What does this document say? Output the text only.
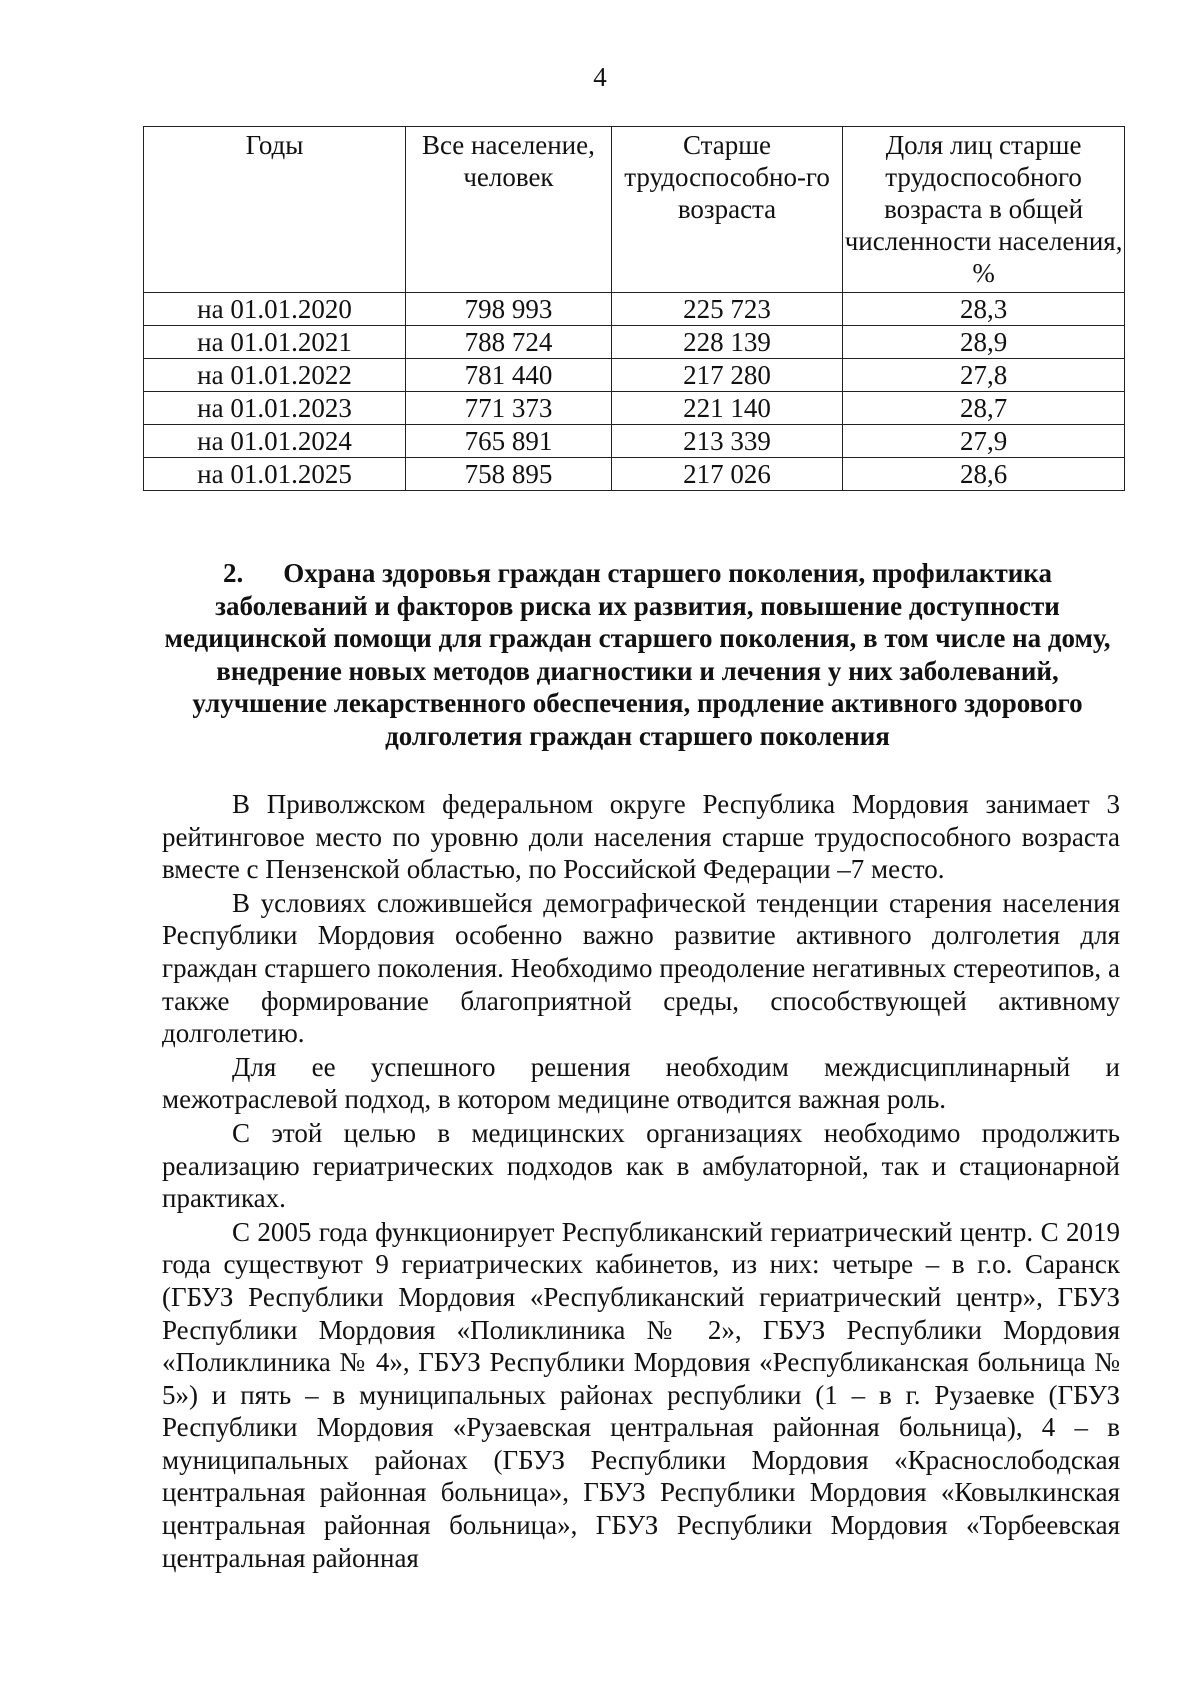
4
Годы	Все население, человек	Старше трудоспособно-го возраста	Доля лиц старше трудоспособного возраста в общей численности населения, %
на 01.01.2020	798 993	225 723	28,3
на 01.01.2021	788 724	228 139	28,9
на 01.01.2022	781 440	217 280	27,8
на 01.01.2023	771 373	221 140	28,7
на 01.01.2024	765 891	213 339	27,9
на 01.01.2025	758 895	217 026	28,6
2. Охрана здоровья граждан старшего поколения, профилактика заболеваний и факторов риска их развития, повышение доступности медицинской помощи для граждан старшего поколения, в том числе на дому, внедрение новых методов диагностики и лечения у них заболеваний, улучшение лекарственного обеспечения, продление активного здорового долголетия граждан старшего поколения

В Приволжском федеральном округе Республика Мордовия занимает 3 рейтинговое место по уровню доли населения старше трудоспособного возраста вместе с Пензенской областью, по Российской Федерации –7 место.

В условиях сложившейся демографической тенденции старения населения Республики Мордовия особенно важно развитие активного долголетия для граждан старшего поколения. Необходимо преодоление негативных стереотипов, а также формирование благоприятной среды, способствующей активному долголетию.

Для ее успешного решения необходим междисциплинарный и межотраслевой подход, в котором медицине отводится важная роль.

С этой целью в медицинских организациях необходимо продолжить реализацию гериатрических подходов как в амбулаторной, так и стационарной практиках.

С 2005 года функционирует Республиканский гериатрический центр. С 2019 года существуют 9 гериатрических кабинетов, из них: четыре – в г.о. Саранск (ГБУЗ Республики Мордовия «Республиканский гериатрический центр», ГБУЗ Республики Мордовия «Поликлиника № 2», ГБУЗ Республики Мордовия «Поликлиника № 4», ГБУЗ Республики Мордовия «Республиканская больница № 5») и пять – в муниципальных районах республики (1 – в г. Рузаевке (ГБУЗ Республики Мордовия «Рузаевская центральная районная больница), 4 – в муниципальных районах (ГБУЗ Республики Мордовия «Краснослободская центральная районная больница», ГБУЗ Республики Мордовия «Ковылкинская центральная районная больница», ГБУЗ Республики Мордовия «Торбеевская центральная районная
